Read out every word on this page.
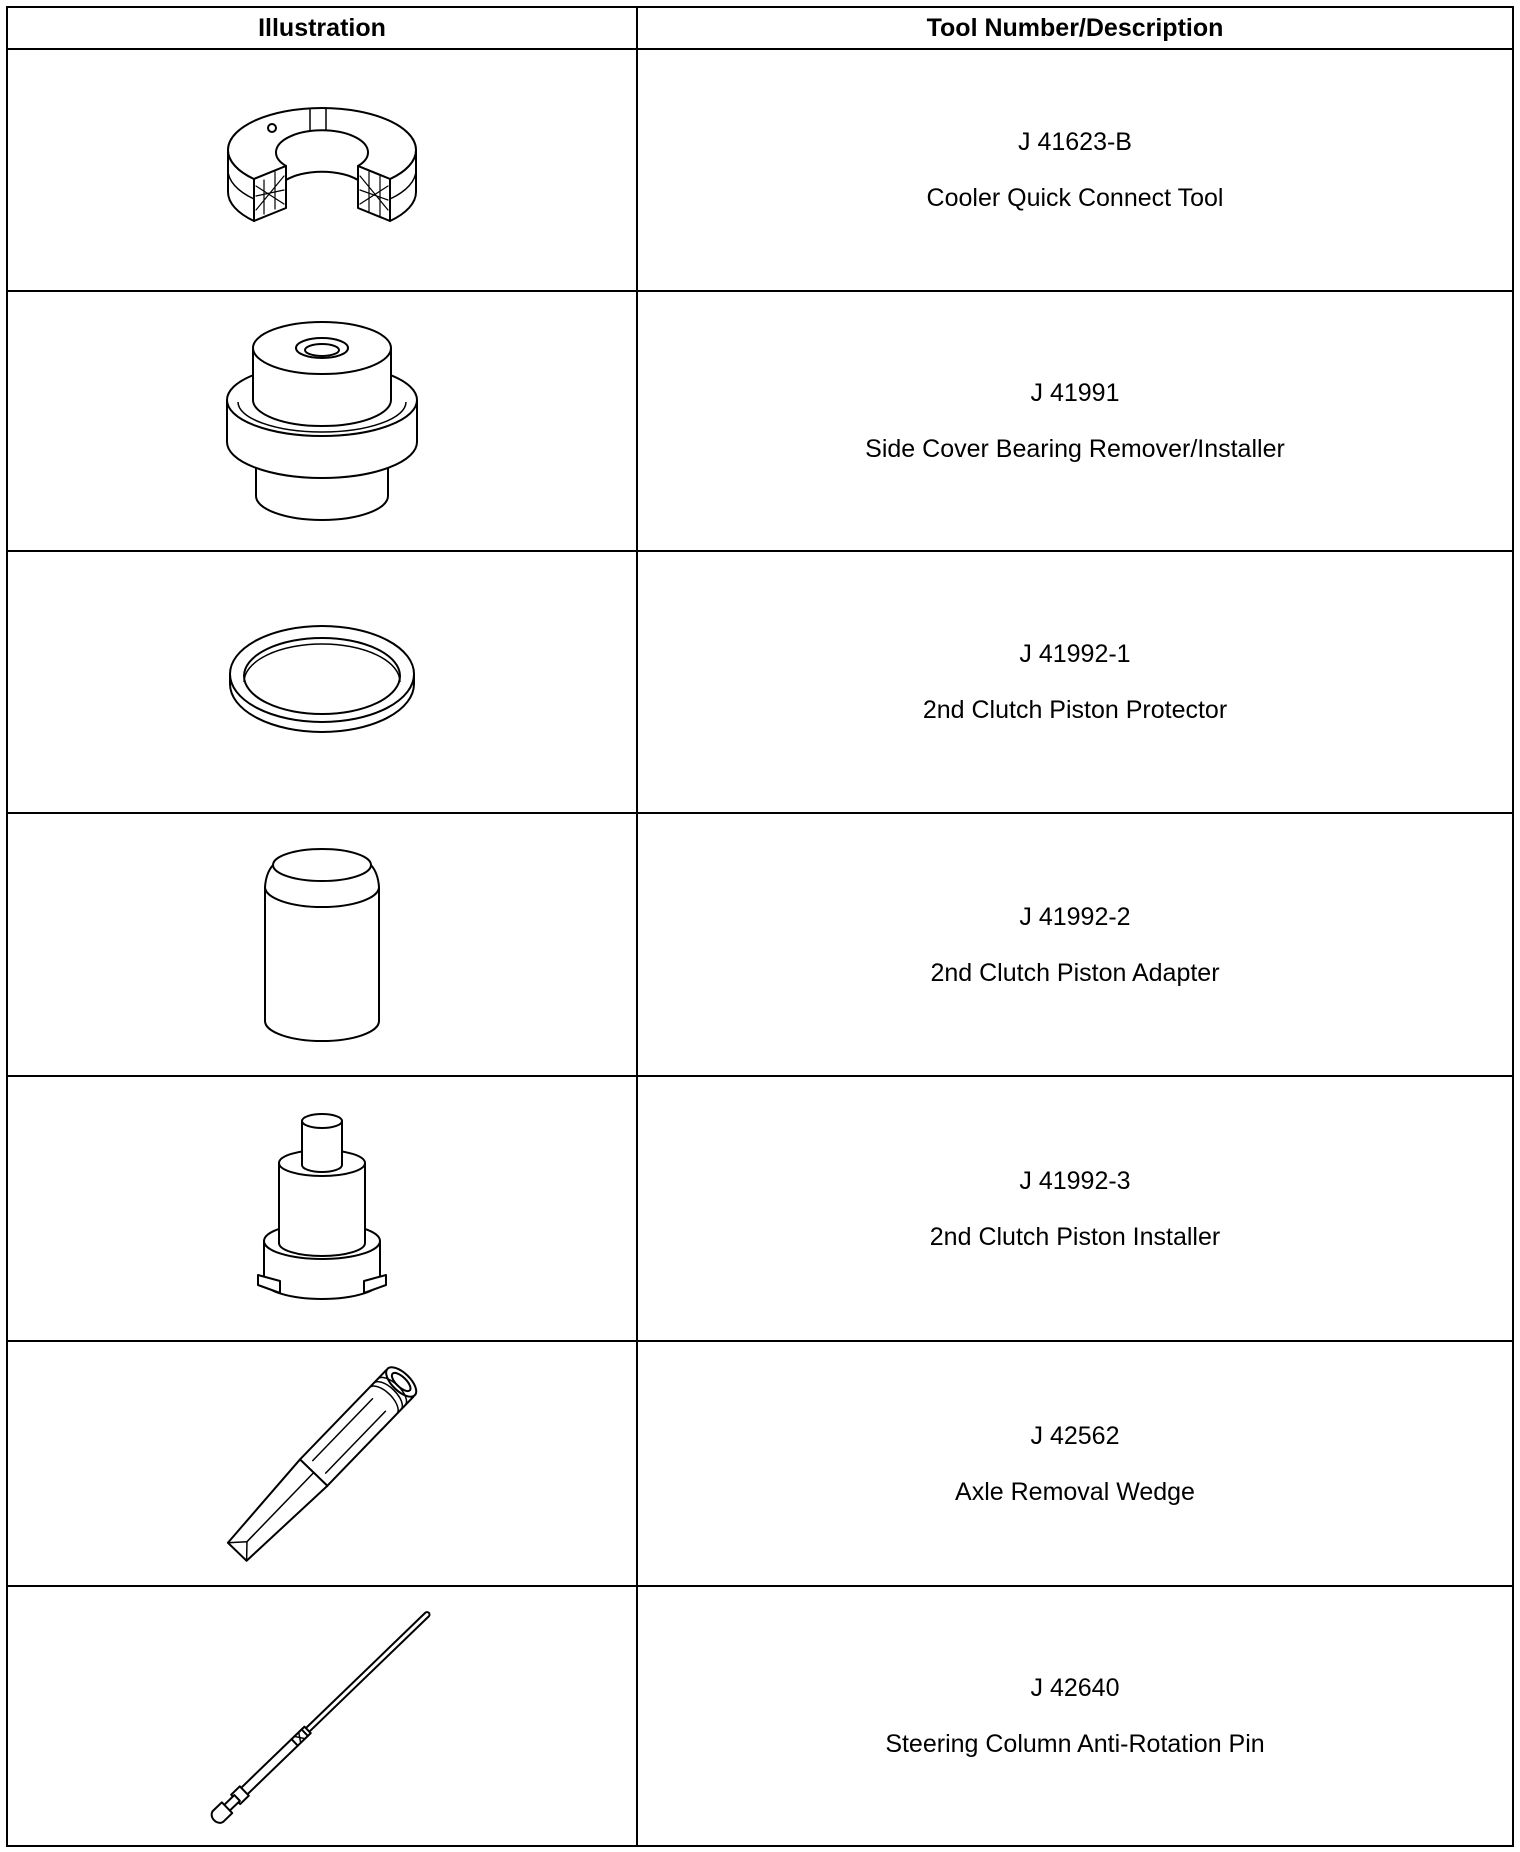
Illustration	Tool Number/Description
J 41623-B
Cooler Quick Connect Tool
J 41991
Side Cover Bearing Remover/Installer
J 41992-1
2nd Clutch Piston Protector
J 41992-2
2nd Clutch Piston Adapter
J 41992-3
2nd Clutch Piston Installer
J 42562
Axle Removal Wedge
J 42640
Steering Column Anti-Rotation Pin
